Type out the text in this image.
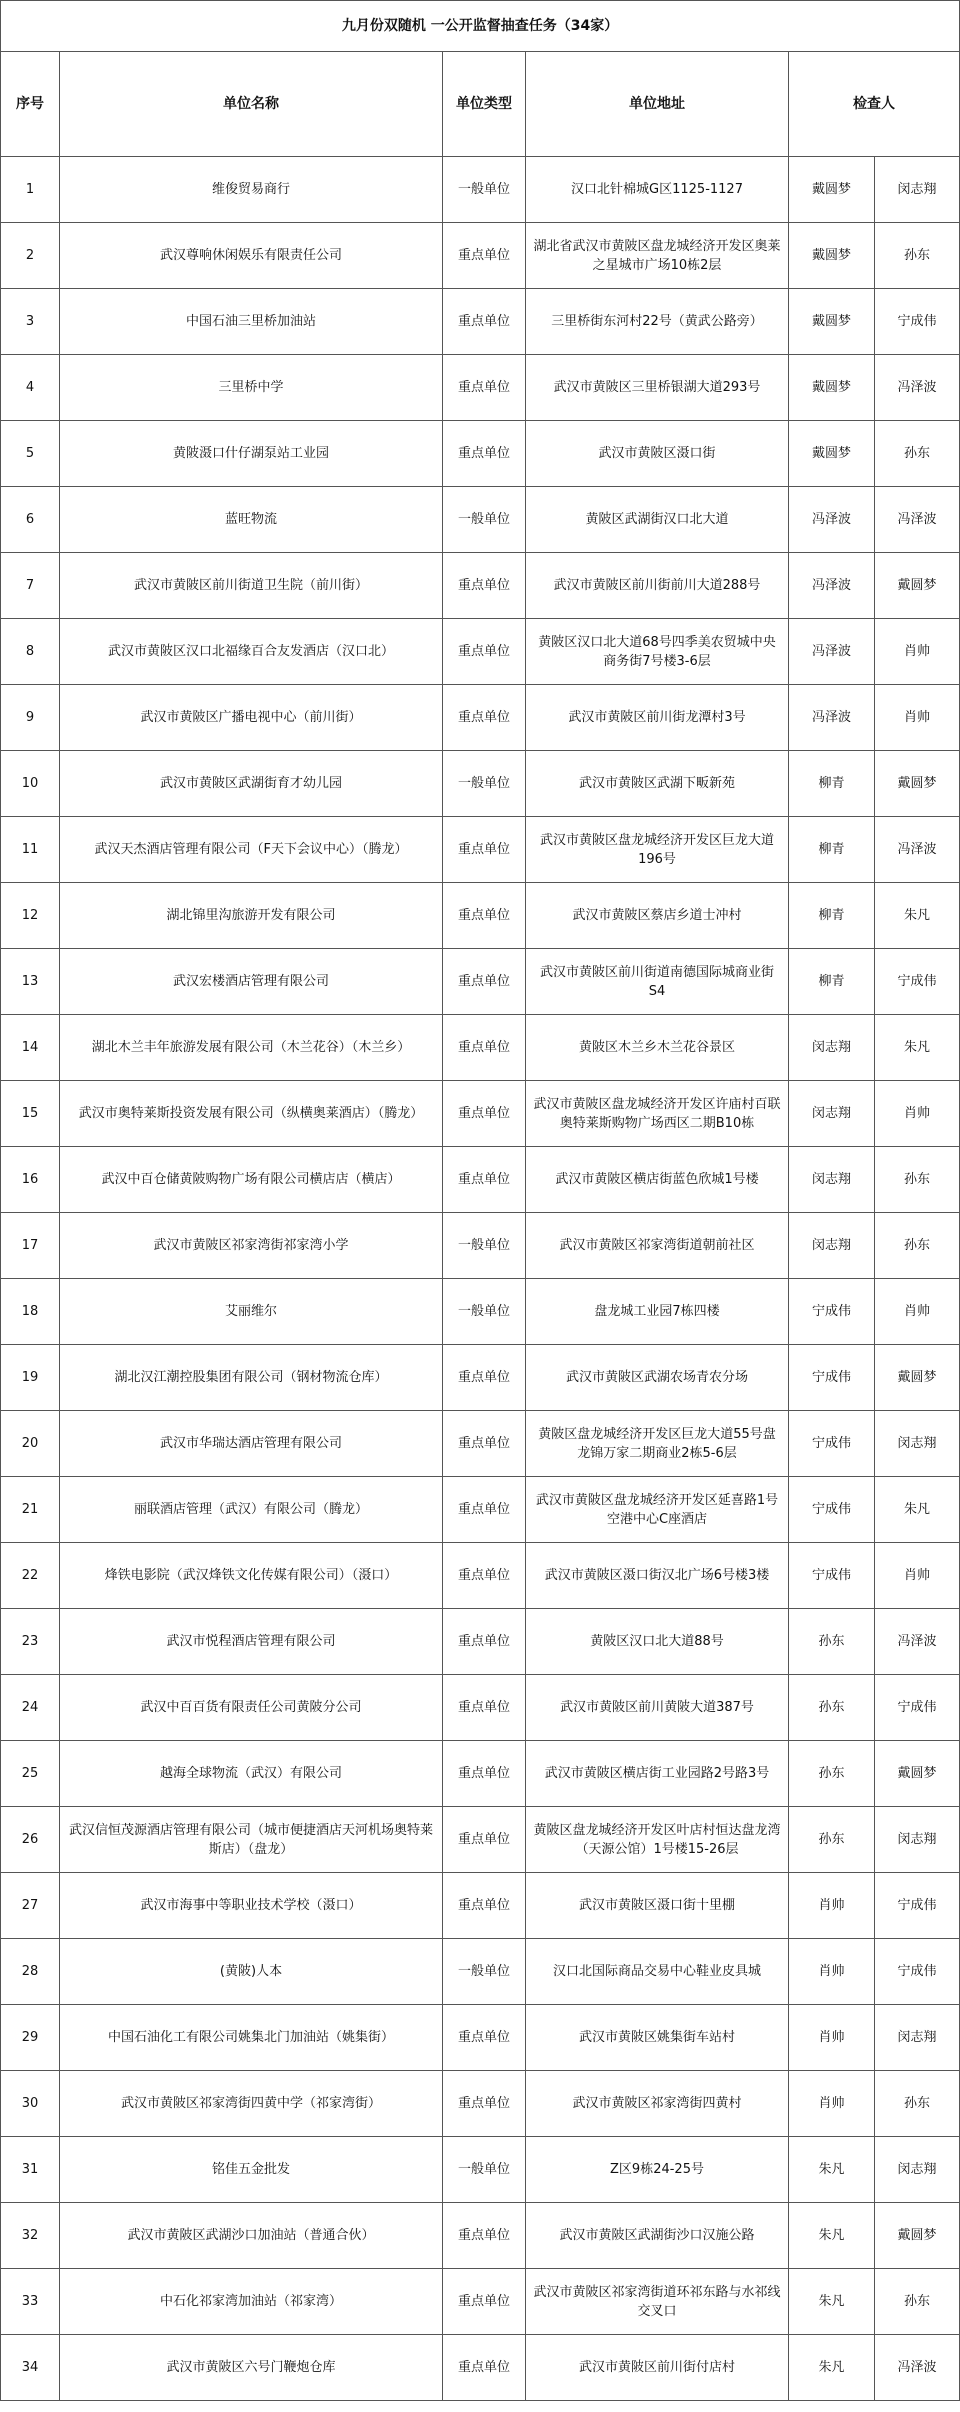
九月份双随机 一公开监督抽查任务（34家）					
序号	单位名称	单位类型	单位地址	检查人	
1	维俊贸易商行	一般单位	汉口北针棉城G区1125-1127	戴圆梦	闵志翔
2	武汉尊响休闲娱乐有限责任公司	重点单位	湖北省武汉市黄陂区盘龙城经济开发区奥莱之星城市广场10栋2层	戴圆梦	孙东
3	中国石油三里桥加油站	重点单位	三里桥街东河村22号（黄武公路旁）	戴圆梦	宁成伟
4	三里桥中学	重点单位	武汉市黄陂区三里桥银湖大道293号	戴圆梦	冯泽波
5	黄陂滠口什仔湖泵站工业园	重点单位	武汉市黄陂区滠口街	戴圆梦	孙东
6	蓝旺物流	一般单位	黄陂区武湖街汉口北大道	冯泽波	冯泽波
7	武汉市黄陂区前川街道卫生院（前川街）	重点单位	武汉市黄陂区前川街前川大道288号	冯泽波	戴圆梦
8	武汉市黄陂区汉口北福缘百合友发酒店（汉口北）	重点单位	黄陂区汉口北大道68号四季美农贸城中央商务街7号楼3-6层	冯泽波	肖帅
9	武汉市黄陂区广播电视中心（前川街）	重点单位	武汉市黄陂区前川街龙潭村3号	冯泽波	肖帅
10	武汉市黄陂区武湖街育才幼儿园	一般单位	武汉市黄陂区武湖下畈新苑	柳青	戴圆梦
11	武汉天杰酒店管理有限公司（F天下会议中心）（腾龙）	重点单位	武汉市黄陂区盘龙城经济开发区巨龙大道196号	柳青	冯泽波
12	湖北锦里沟旅游开发有限公司	重点单位	武汉市黄陂区蔡店乡道士冲村	柳青	朱凡
13	武汉宏楼酒店管理有限公司	重点单位	武汉市黄陂区前川街道南德国际城商业街S4	柳青	宁成伟
14	湖北木兰丰年旅游发展有限公司（木兰花谷）（木兰乡）	重点单位	黄陂区木兰乡木兰花谷景区	闵志翔	朱凡
15	武汉市奥特莱斯投资发展有限公司（纵横奥莱酒店）（腾龙）	重点单位	武汉市黄陂区盘龙城经济开发区许庙村百联奥特莱斯购物广场西区二期B10栋	闵志翔	肖帅
16	武汉中百仓储黄陂购物广场有限公司横店店（横店）	重点单位	武汉市黄陂区横店街蓝色欣城1号楼	闵志翔	孙东
17	武汉市黄陂区祁家湾街祁家湾小学	一般单位	武汉市黄陂区祁家湾街道朝前社区	闵志翔	孙东
18	艾丽维尔	一般单位	盘龙城工业园7栋四楼	宁成伟	肖帅
19	湖北汉江潮控股集团有限公司（钢材物流仓库）	重点单位	武汉市黄陂区武湖农场青农分场	宁成伟	戴圆梦
20	武汉市华瑞达酒店管理有限公司	重点单位	黄陂区盘龙城经济开发区巨龙大道55号盘龙锦万家二期商业2栋5-6层	宁成伟	闵志翔
21	丽联酒店管理（武汉）有限公司（腾龙）	重点单位	武汉市黄陂区盘龙城经济开发区延喜路1号空港中心C座酒店	宁成伟	朱凡
22	烽铁电影院（武汉烽铁文化传媒有限公司）（滠口）	重点单位	武汉市黄陂区滠口街汉北广场6号楼3楼	宁成伟	肖帅
23	武汉市悦程酒店管理有限公司	重点单位	黄陂区汉口北大道88号	孙东	冯泽波
24	武汉中百百货有限责任公司黄陂分公司	重点单位	武汉市黄陂区前川黄陂大道387号	孙东	宁成伟
25	越海全球物流（武汉）有限公司	重点单位	武汉市黄陂区横店街工业园路2号路3号	孙东	戴圆梦
26	武汉信恒茂源酒店管理有限公司（城市便捷酒店天河机场奥特莱斯店）（盘龙）	重点单位	黄陂区盘龙城经济开发区叶店村恒达盘龙湾（天源公馆）1号楼15-26层	孙东	闵志翔
27	武汉市海事中等职业技术学校（滠口）	重点单位	武汉市黄陂区滠口街十里棚	肖帅	宁成伟
28	(黄陂)人本	一般单位	汉口北国际商品交易中心鞋业皮具城	肖帅	宁成伟
29	中国石油化工有限公司姚集北门加油站（姚集街）	重点单位	武汉市黄陂区姚集街车站村	肖帅	闵志翔
30	武汉市黄陂区祁家湾街四黄中学（祁家湾街）	重点单位	武汉市黄陂区祁家湾街四黄村	肖帅	孙东
31	铭佳五金批发	一般单位	Z区9栋24-25号	朱凡	闵志翔
32	武汉市黄陂区武湖沙口加油站（普通合伙）	重点单位	武汉市黄陂区武湖街沙口汉施公路	朱凡	戴圆梦
33	中石化祁家湾加油站（祁家湾）	重点单位	武汉市黄陂区祁家湾街道环祁东路与水祁线交叉口	朱凡	孙东
34	武汉市黄陂区六号门鞭炮仓库	重点单位	武汉市黄陂区前川街付店村	朱凡	冯泽波
